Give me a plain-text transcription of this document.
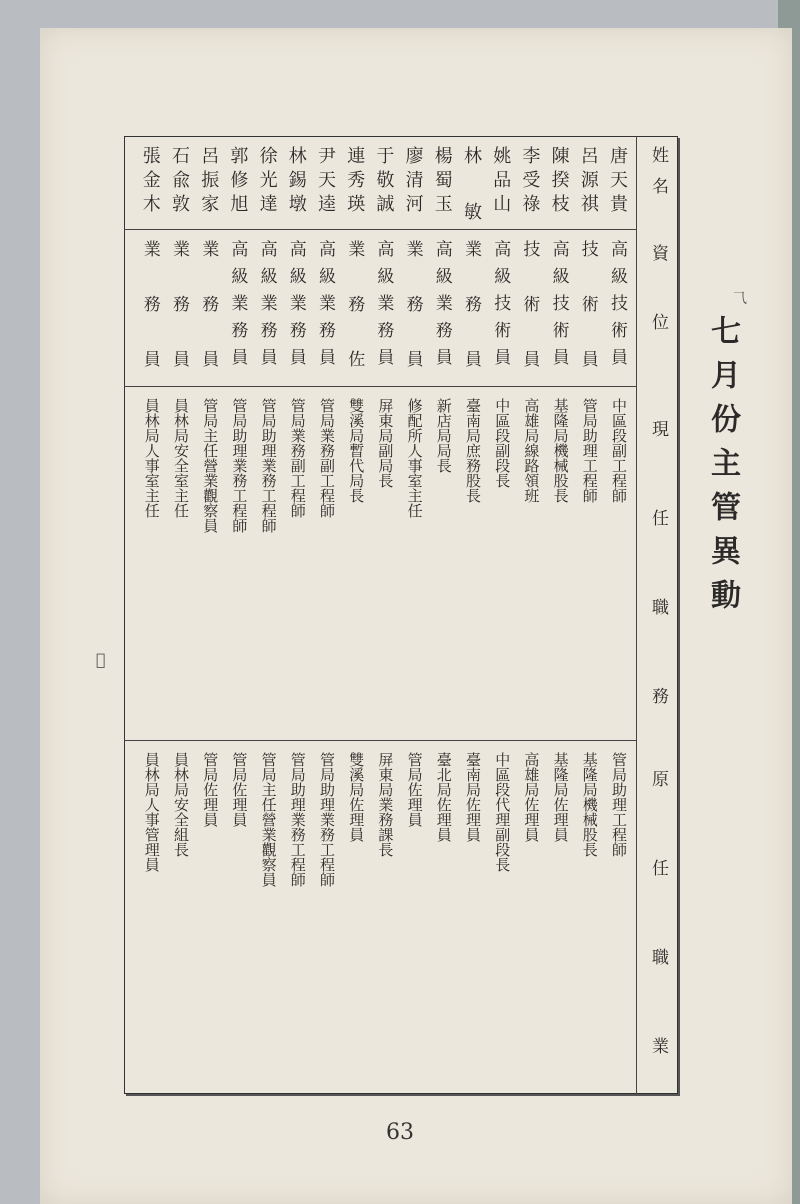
七月份主管異動
姓名
資位
現任職務
原任職業
唐天貴
高級技術員
中區段副工程師
管局助理工程師
呂源祺
技術員
管局助理工程師
基隆局機械股長
陳揆枝
高級技術員
基隆局機械股長
基隆局佐理員
李受祿
技術員
高雄局線路領班
高雄局佐理員
姚品山
高級技術員
中區段副段長
中區段代理副段長
林敏
業務員
臺南局庶務股長
臺南局佐理員
楊蜀玉
高級業務員
新店局局長
臺北局佐理員
廖清河
業務員
修配所人事室主任
管局佐理員
于敬誠
高級業務員
屏東局副局長
屏東局業務課長
連秀瑛
業務佐
雙溪局暫代局長
雙溪局佐理員
尹天逵
高級業務員
管局業務副工程師
管局助理業務工程師
林錫墩
高級業務員
管局業務副工程師
管局助理業務工程師
徐光達
高級業務員
管局助理業務工程師
管局主任營業觀察員
郭修旭
高級業務員
管局助理業務工程師
管局佐理員
呂振家
業務員
管局主任營業觀察員
管局佐理員
石兪敦
業務員
員林局安全室主任
員林局安全組長
張金木
業務員
員林局人事室主任
員林局人事管理員
⺄
𠂋
63
